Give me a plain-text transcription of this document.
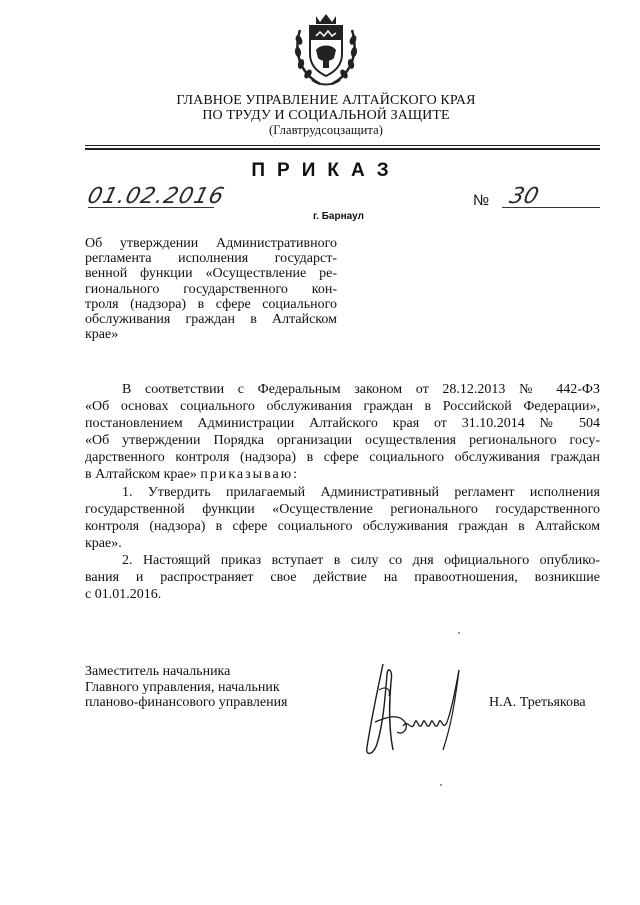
ГЛАВНОЕ УПРАВЛЕНИЕ АЛТАЙСКОГО КРАЯ
ПО ТРУДУ И СОЦИАЛЬНОЙ ЗАЩИТЕ
(Главтрудсоцзащита)
ПРИКАЗ
01.02.2016	№ 30
г. Барнаул
Об утверждении Административного
регламента исполнения государст-
венной функции «Осуществление ре-
гионального государственного кон-
троля (надзора) в сфере социального
обслуживания граждан в Алтайском
крае»
В соответствии с Федеральным законом от 28.12.2013 № 442-ФЗ
«Об основах социального обслуживания граждан в Российской Федерации»,
постановлением Администрации Алтайского края от 31.10.2014 № 504
«Об утверждении Порядка организации осуществления регионального госу-
дарственного контроля (надзора) в сфере социального обслуживания граждан
в Алтайском крае» приказываю:
1. Утвердить прилагаемый Административный регламент исполнения
государственной функции «Осуществление регионального государственного
контроля (надзора) в сфере социального обслуживания граждан в Алтайском
крае».
2. Настоящий приказ вступает в силу со дня официального опублико-
вания и распространяет свое действие на правоотношения, возникшие
с 01.01.2016.
Заместитель начальника
Главного управления, начальник
планово-финансового управления	Н.А. Третьякова
